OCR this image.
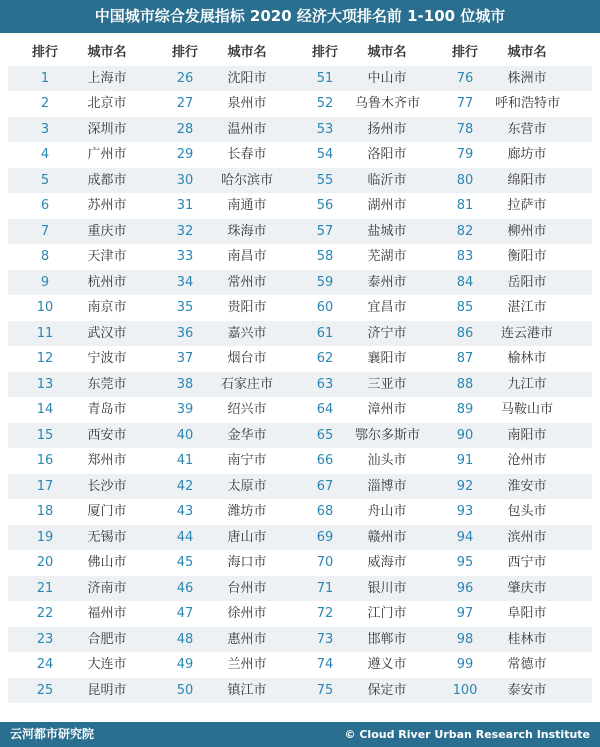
中国城市综合发展指标 2020 经济大项排名前 1-100 位城市
排行	城市名	排行	城市名	排行	城市名	排行	城市名
1	上海市	26	沈阳市	51	中山市	76	株洲市
2	北京市	27	泉州市	52	乌鲁木齐市	77	呼和浩特市
3	深圳市	28	温州市	53	扬州市	78	东营市
4	广州市	29	长春市	54	洛阳市	79	廊坊市
5	成都市	30	哈尔滨市	55	临沂市	80	绵阳市
6	苏州市	31	南通市	56	湖州市	81	拉萨市
7	重庆市	32	珠海市	57	盐城市	82	柳州市
8	天津市	33	南昌市	58	芜湖市	83	衡阳市
9	杭州市	34	常州市	59	泰州市	84	岳阳市
10	南京市	35	贵阳市	60	宜昌市	85	湛江市
11	武汉市	36	嘉兴市	61	济宁市	86	连云港市
12	宁波市	37	烟台市	62	襄阳市	87	榆林市
13	东莞市	38	石家庄市	63	三亚市	88	九江市
14	青岛市	39	绍兴市	64	漳州市	89	马鞍山市
15	西安市	40	金华市	65	鄂尔多斯市	90	南阳市
16	郑州市	41	南宁市	66	汕头市	91	沧州市
17	长沙市	42	太原市	67	淄博市	92	淮安市
18	厦门市	43	潍坊市	68	舟山市	93	包头市
19	无锡市	44	唐山市	69	赣州市	94	滨州市
20	佛山市	45	海口市	70	威海市	95	西宁市
21	济南市	46	台州市	71	银川市	96	肇庆市
22	福州市	47	徐州市	72	江门市	97	阜阳市
23	合肥市	48	惠州市	73	邯郸市	98	桂林市
24	大连市	49	兰州市	74	遵义市	99	常德市
25	昆明市	50	镇江市	75	保定市	100	泰安市
云河都市研究院	© Cloud River Urban Research Institute
